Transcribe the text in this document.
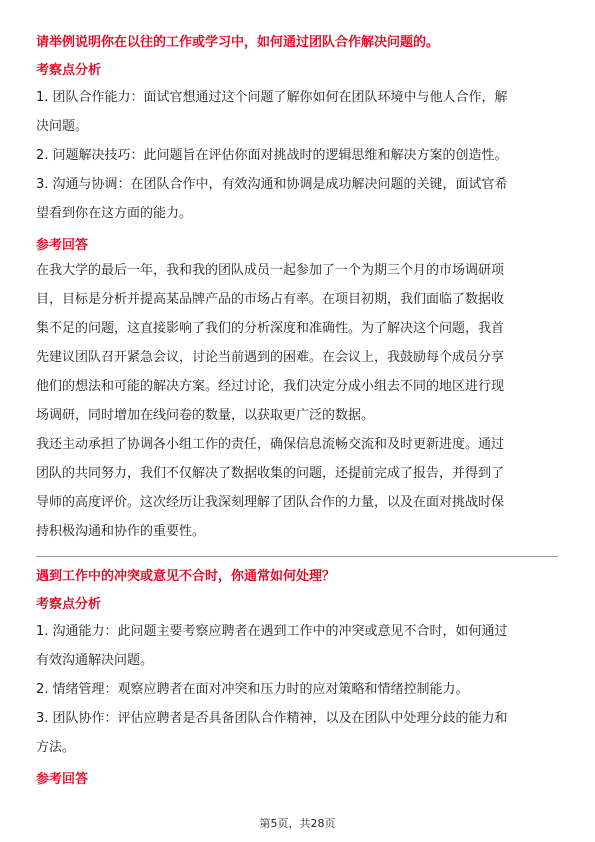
请举例说明你在以往的工作或学习中，如何通过团队合作解决问题的。
考察点分析
1. 团队合作能力：面试官想通过这个问题了解你如何在团队环境中与他人合作，解
决问题。
2. 问题解决技巧：此问题旨在评估你面对挑战时的逻辑思维和解决方案的创造性。
3. 沟通与协调：在团队合作中，有效沟通和协调是成功解决问题的关键，面试官希
望看到你在这方面的能力。
参考回答
在我大学的最后一年，我和我的团队成员一起参加了一个为期三个月的市场调研项
目，目标是分析并提高某品牌产品的市场占有率。在项目初期，我们面临了数据收
集不足的问题，这直接影响了我们的分析深度和准确性。为了解决这个问题，我首
先建议团队召开紧急会议，讨论当前遇到的困难。在会议上，我鼓励每个成员分享
他们的想法和可能的解决方案。经过讨论，我们决定分成小组去不同的地区进行现
场调研，同时增加在线问卷的数量，以获取更广泛的数据。
我还主动承担了协调各小组工作的责任，确保信息流畅交流和及时更新进度。通过
团队的共同努力，我们不仅解决了数据收集的问题，还提前完成了报告，并得到了
导师的高度评价。这次经历让我深刻理解了团队合作的力量，以及在面对挑战时保
持积极沟通和协作的重要性。
遇到工作中的冲突或意见不合时，你通常如何处理？
考察点分析
1. 沟通能力：此问题主要考察应聘者在遇到工作中的冲突或意见不合时，如何通过
有效沟通解决问题。
2. 情绪管理：观察应聘者在面对冲突和压力时的应对策略和情绪控制能力。
3. 团队协作：评估应聘者是否具备团队合作精神，以及在团队中处理分歧的能力和
方法。
参考回答
第5页，共28页
